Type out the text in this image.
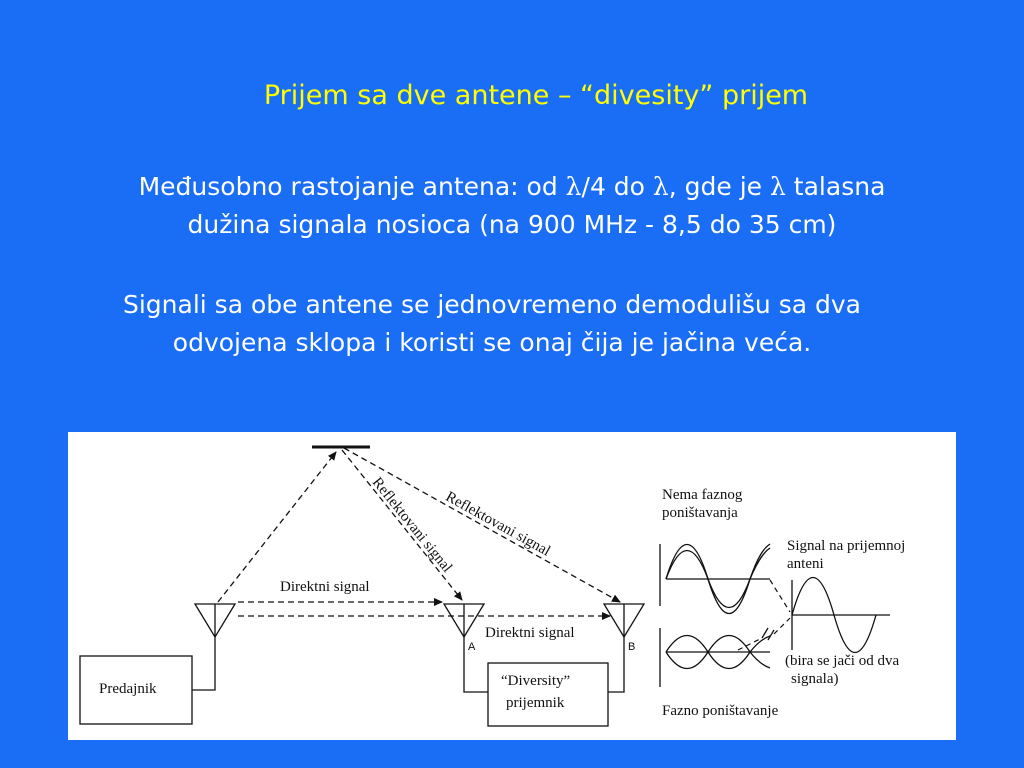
Prijem sa dve antene – “divesity” prijem
Međusobno rastojanje antena: od λ/4 do λ, gde je λ talasna
dužina signala nosioca (na 900 MHz - 8,5 do 35 cm)
Signali sa obe antene se jednovremeno demodulišu sa dva
odvojena sklopa i koristi se onaj čija je jačina veća.
Predajnik	“Diversity”
prijemnik
Direktni signal
Direktni signal
Reflektovani signal
Reflektovani signal
A	B
Nema faznog
poništavanja
Signal na prijemnoj
anteni
(bira se jači od dva
signala)
Fazno poništavanje
